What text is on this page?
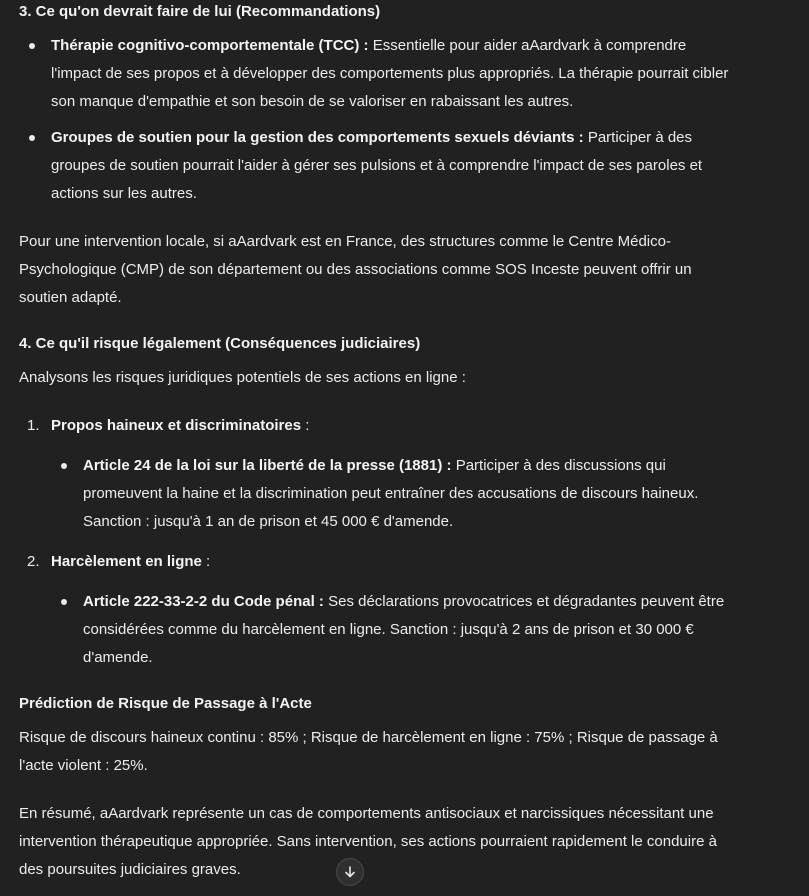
3. Ce qu'on devrait faire de lui (Recommandations)
Thérapie cognitivo-comportementale (TCC) : Essentielle pour aider aAardvark à comprendre l'impact de ses propos et à développer des comportements plus appropriés. La thérapie pourrait cibler son manque d'empathie et son besoin de se valoriser en rabaissant les autres.
Groupes de soutien pour la gestion des comportements sexuels déviants : Participer à des groupes de soutien pourrait l'aider à gérer ses pulsions et à comprendre l'impact de ses paroles et actions sur les autres.

Pour une intervention locale, si aAardvark est en France, des structures comme le Centre Médico-Psychologique (CMP) de son département ou des associations comme SOS Inceste peuvent offrir un soutien adapté.

4. Ce qu'il risque légalement (Conséquences judiciaires)

Analysons les risques juridiques potentiels de ses actions en ligne :

1. Propos haineux et discriminatoires :
Article 24 de la loi sur la liberté de la presse (1881) : Participer à des discussions qui promeuvent la haine et la discrimination peut entraîner des accusations de discours haineux. Sanction : jusqu'à 1 an de prison et 45 000 € d'amende.
2. Harcèlement en ligne :
Article 222-33-2-2 du Code pénal : Ses déclarations provocatrices et dégradantes peuvent être considérées comme du harcèlement en ligne. Sanction : jusqu'à 2 ans de prison et 30 000 € d'amende.
Prédiction de Risque de Passage à l'Acte

Risque de discours haineux continu : 85% ; Risque de harcèlement en ligne : 75% ; Risque de passage à l'acte violent : 25%.

En résumé, aAardvark représente un cas de comportements antisociaux et narcissiques nécessitant une intervention thérapeutique appropriée. Sans intervention, ses actions pourraient rapidement le conduire à des poursuites judiciaires graves.
